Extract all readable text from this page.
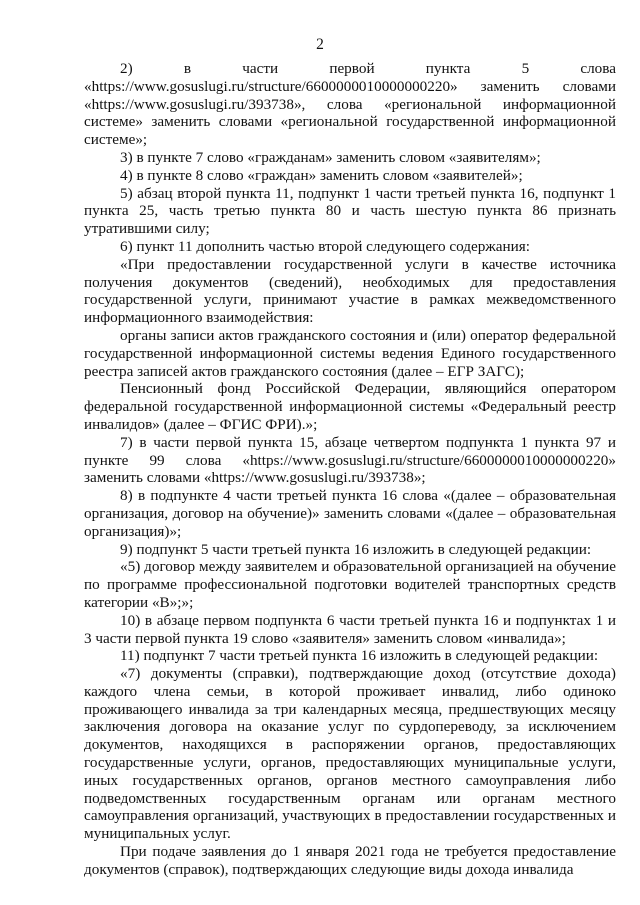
2

2) в части первой пункта 5 слова «https://www.gosuslugi.ru/structure/6600000010000000220» заменить словами «https://www.gosuslugi.ru/393738», слова «региональной информационной системе» заменить словами «региональной государственной информационной системе»;

3) в пункте 7 слово «гражданам» заменить словом «заявителям»;

4) в пункте 8 слово «граждан» заменить словом «заявителей»;

5) абзац второй пункта 11, подпункт 1 части третьей пункта 16, подпункт 1 пункта 25, часть третью пункта 80 и часть шестую пункта 86 признать утратившими силу;

6) пункт 11 дополнить частью второй следующего содержания:

«При предоставлении государственной услуги в качестве источника получения документов (сведений), необходимых для предоставления государственной услуги, принимают участие в рамках межведомственного информационного взаимодействия:

органы записи актов гражданского состояния и (или) оператор федеральной государственной информационной системы ведения Единого государственного реестра записей актов гражданского состояния (далее – ЕГР ЗАГС);

Пенсионный фонд Российской Федерации, являющийся оператором федеральной государственной информационной системы «Федеральный реестр инвалидов» (далее – ФГИС ФРИ).»;

7) в части первой пункта 15, абзаце четвертом подпункта 1 пункта 97 и пункте 99 слова «https://www.gosuslugi.ru/structure/6600000010000000220» заменить словами «https://www.gosuslugi.ru/393738»;

8) в подпункте 4 части третьей пункта 16 слова «(далее – образовательная организация, договор на обучение)» заменить словами «(далее – образовательная организация)»;

9) подпункт 5 части третьей пункта 16 изложить в следующей редакции:

«5) договор между заявителем и образовательной организацией на обучение по программе профессиональной подготовки водителей транспортных средств категории «В»;»;

10) в абзаце первом подпункта 6 части третьей пункта 16 и подпунктах 1 и 3 части первой пункта 19 слово «заявителя» заменить словом «инвалида»;

11) подпункт 7 части третьей пункта 16 изложить в следующей редакции:

«7) документы (справки), подтверждающие доход (отсутствие дохода) каждого члена семьи, в которой проживает инвалид, либо одиноко проживающего инвалида за три календарных месяца, предшествующих месяцу заключения договора на оказание услуг по сурдопереводу, за исключением документов, находящихся в распоряжении органов, предоставляющих государственные услуги, органов, предоставляющих муниципальные услуги, иных государственных органов, органов местного самоуправления либо подведомственных государственным органам или органам местного самоуправления организаций, участвующих в предоставлении государственных и муниципальных услуг.

При подаче заявления до 1 января 2021 года не требуется предоставление документов (справок), подтверждающих следующие виды дохода инвалида
